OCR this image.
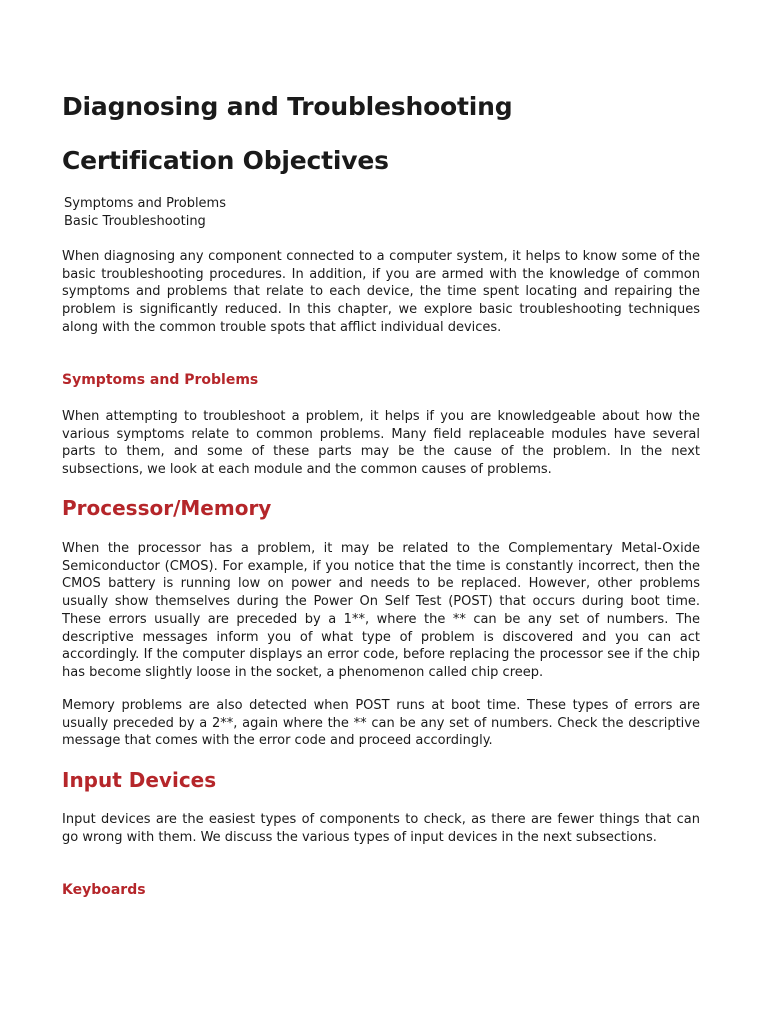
Diagnosing and Troubleshooting
Certification Objectives
Symptoms and Problems
Basic Troubleshooting

When diagnosing any component connected to a computer system, it helps to know some of the basic troubleshooting procedures. In addition, if you are armed with the knowledge of common symptoms and problems that relate to each device, the time spent locating and repairing the problem is significantly reduced. In this chapter, we explore basic troubleshooting techniques along with the common trouble spots that afflict individual devices.

Symptoms and Problems

When attempting to troubleshoot a problem, it helps if you are knowledgeable about how the various symptoms relate to common problems. Many field replaceable modules have several parts to them, and some of these parts may be the cause of the problem. In the next subsections, we look at each module and the common causes of problems.

Processor/Memory

When the processor has a problem, it may be related to the Complementary Metal-Oxide Semiconductor (CMOS). For example, if you notice that the time is constantly incorrect, then the CMOS battery is running low on power and needs to be replaced. However, other problems usually show themselves during the Power On Self Test (POST) that occurs during boot time. These errors usually are preceded by a 1**, where the ** can be any set of numbers. The descriptive messages inform you of what type of problem is discovered and you can act accordingly. If the computer displays an error code, before replacing the processor see if the chip has become slightly loose in the socket, a phenomenon called chip creep.

Memory problems are also detected when POST runs at boot time. These types of errors are usually preceded by a 2**, again where the ** can be any set of numbers. Check the descriptive message that comes with the error code and proceed accordingly.

Input Devices

Input devices are the easiest types of components to check, as there are fewer things that can go wrong with them. We discuss the various types of input devices in the next subsections.

Keyboards
